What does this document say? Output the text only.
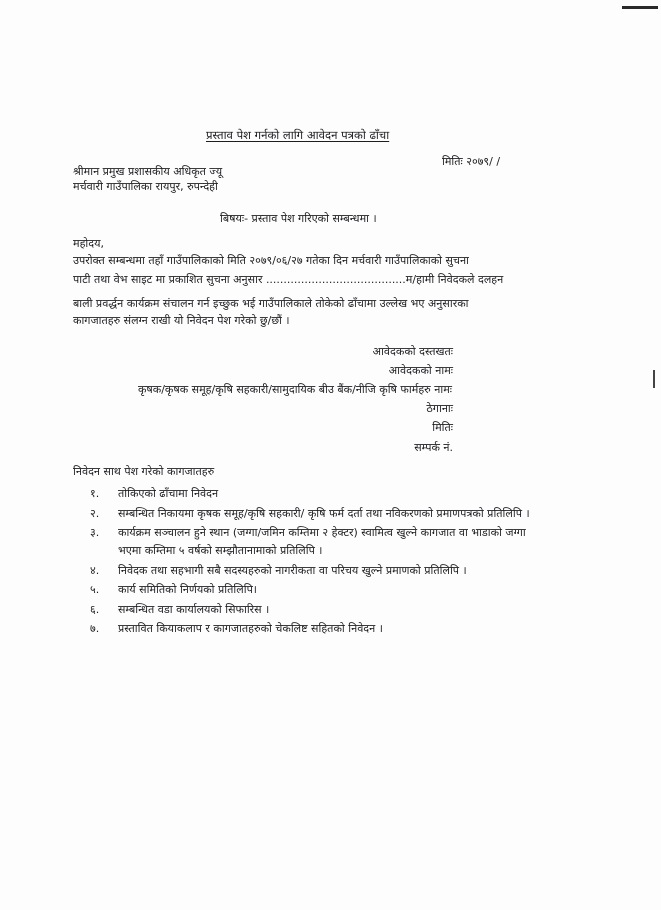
प्रस्ताव पेश गर्नको लागि आवेदन पत्रको ढाँचा
श्रीमान प्रमुख प्रशासकीय अधिकृत ज्यू
मितिः २०७९/ /
मर्चवारी गाउँपालिका रायपुर, रुपन्देही
बिषयः- प्रस्ताव पेश गरिएको सम्बन्धमा ।
महोदय,
उपरोक्त सम्बन्धमा तहाँ गाउँपालिकाको मिति २०७९/०६/२७ गतेका दिन मर्चवारी गाउँपालिकाको सुचना
पाटी तथा वेभ साइट मा प्रकाशित सुचना अनुसार ........................................म/हामी निवेदकले दलहन
बाली प्रवर्द्धन कार्यक्रम संचालन गर्न इच्छुक भई गाउँपालिकाले तोकेको ढाँचामा उल्लेख भए अनुसारका
कागजातहरु संलग्न राखी यो निवेदन पेश गरेको छु/छौं ।
आवेदकको दस्तखतः
आवेदकको नामः
कृषक/कृषक समूह/कृषि सहकारी/सामुदायिक बीउ बैंक/नीजि कृषि फार्महरु नामः
ठेगानाः
मितिः
सम्पर्क नं.
निवेदन साथ पेश गरेको कागजातहरु
१. तोकिएको ढाँचामा निवेदन
२. सम्बन्धित निकायमा कृषक समूह/कृषि सहकारी/ कृषि फर्म दर्ता तथा नविकरणको प्रमाणपत्रको प्रतिलिपि ।
३. कार्यक्रम सञ्चालन हुने स्थान (जग्गा/जमिन कम्तिमा २ हेक्टर) स्वामित्व खुल्ने कागजात वा भाडाको जग्गा
भएमा कम्तिमा ५ वर्षको सम्झौतानामाको प्रतिलिपि ।
४. निवेदक तथा सहभागी सबै सदस्यहरुको नागरीकता वा परिचय खुल्ने प्रमाणको प्रतिलिपि ।
५. कार्य समितिको निर्णयको प्रतिलिपि।
६. सम्बन्धित वडा कार्यालयको सिफारिस ।
७. प्रस्तावित कियाकलाप र कागजातहरुको चेकलिष्ट सहितको निवेदन ।
